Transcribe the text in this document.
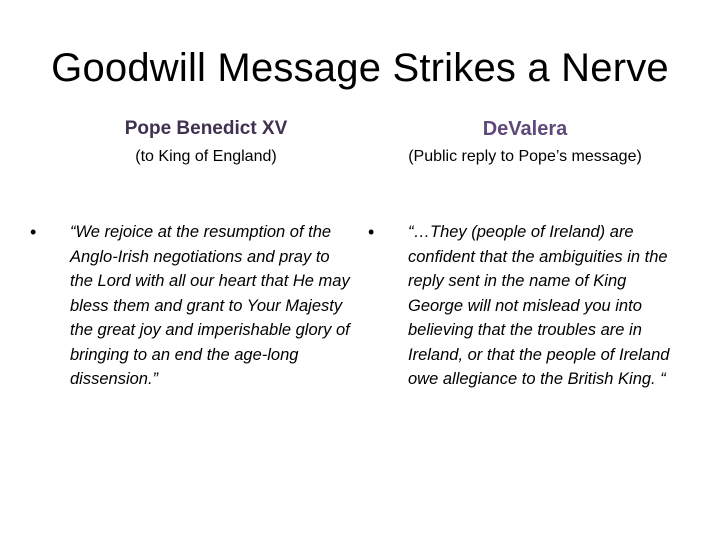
Goodwill Message Strikes a Nerve
Pope Benedict XV

(to King of England)

•	“We rejoice at the resumption of the Anglo-Irish negotiations and pray to the Lord with all our heart that He may bless them and grant to Your Majesty the great joy and imperishable glory of bringing to an end the age-long dissension.”

DeValera

(Public reply to Pope’s message)

•	“…They (people of Ireland) are confident that the ambiguities in the reply sent in the name of King George will not mislead you into believing that the troubles are in Ireland, or that the people of Ireland owe allegiance to the British King. “
